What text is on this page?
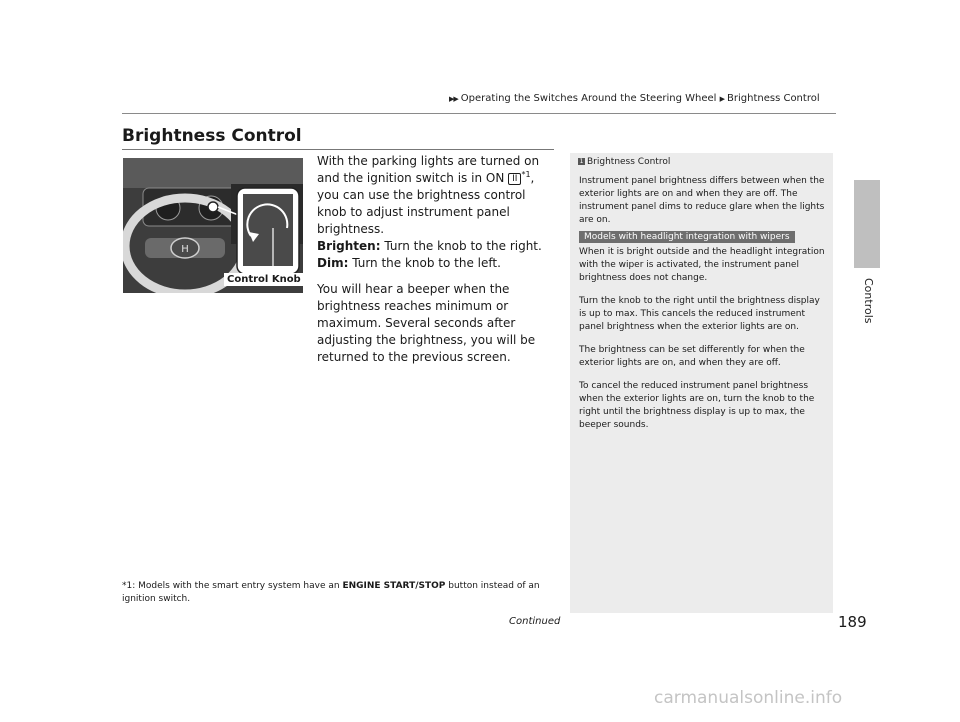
▶▶ Operating the Switches Around the Steering Wheel ▶ Brightness Control
Controls
Brightness Control
H
Control Knob

With the parking lights are turned on and the ignition switch is in ON II $^{*1}$, you can use the brightness control knob to adjust instrument panel brightness.

Brighten: Turn the knob to the right.

Dim: Turn the knob to the left.

You will hear a beeper when the brightness reaches minimum or maximum. Several seconds after adjusting the brightness, you will be returned to the previous screen.

1 Brightness Control

Instrument panel brightness differs between when the exterior lights are on and when they are off. The instrument panel dims to reduce glare when the lights are on.

Models with headlight integration with wipers

When it is bright outside and the headlight integration with the wiper is activated, the instrument panel brightness does not change.

Turn the knob to the right until the brightness display is up to max. This cancels the reduced instrument panel brightness when the exterior lights are on.

The brightness can be set differently for when the exterior lights are on, and when they are off.

To cancel the reduced instrument panel brightness when the exterior lights are on, turn the knob to the right until the brightness display is up to max, the beeper sounds.

*1: Models with the smart entry system have an ENGINE START/STOP button instead of an ignition switch.
Continued	189
carmanualsonline.info
